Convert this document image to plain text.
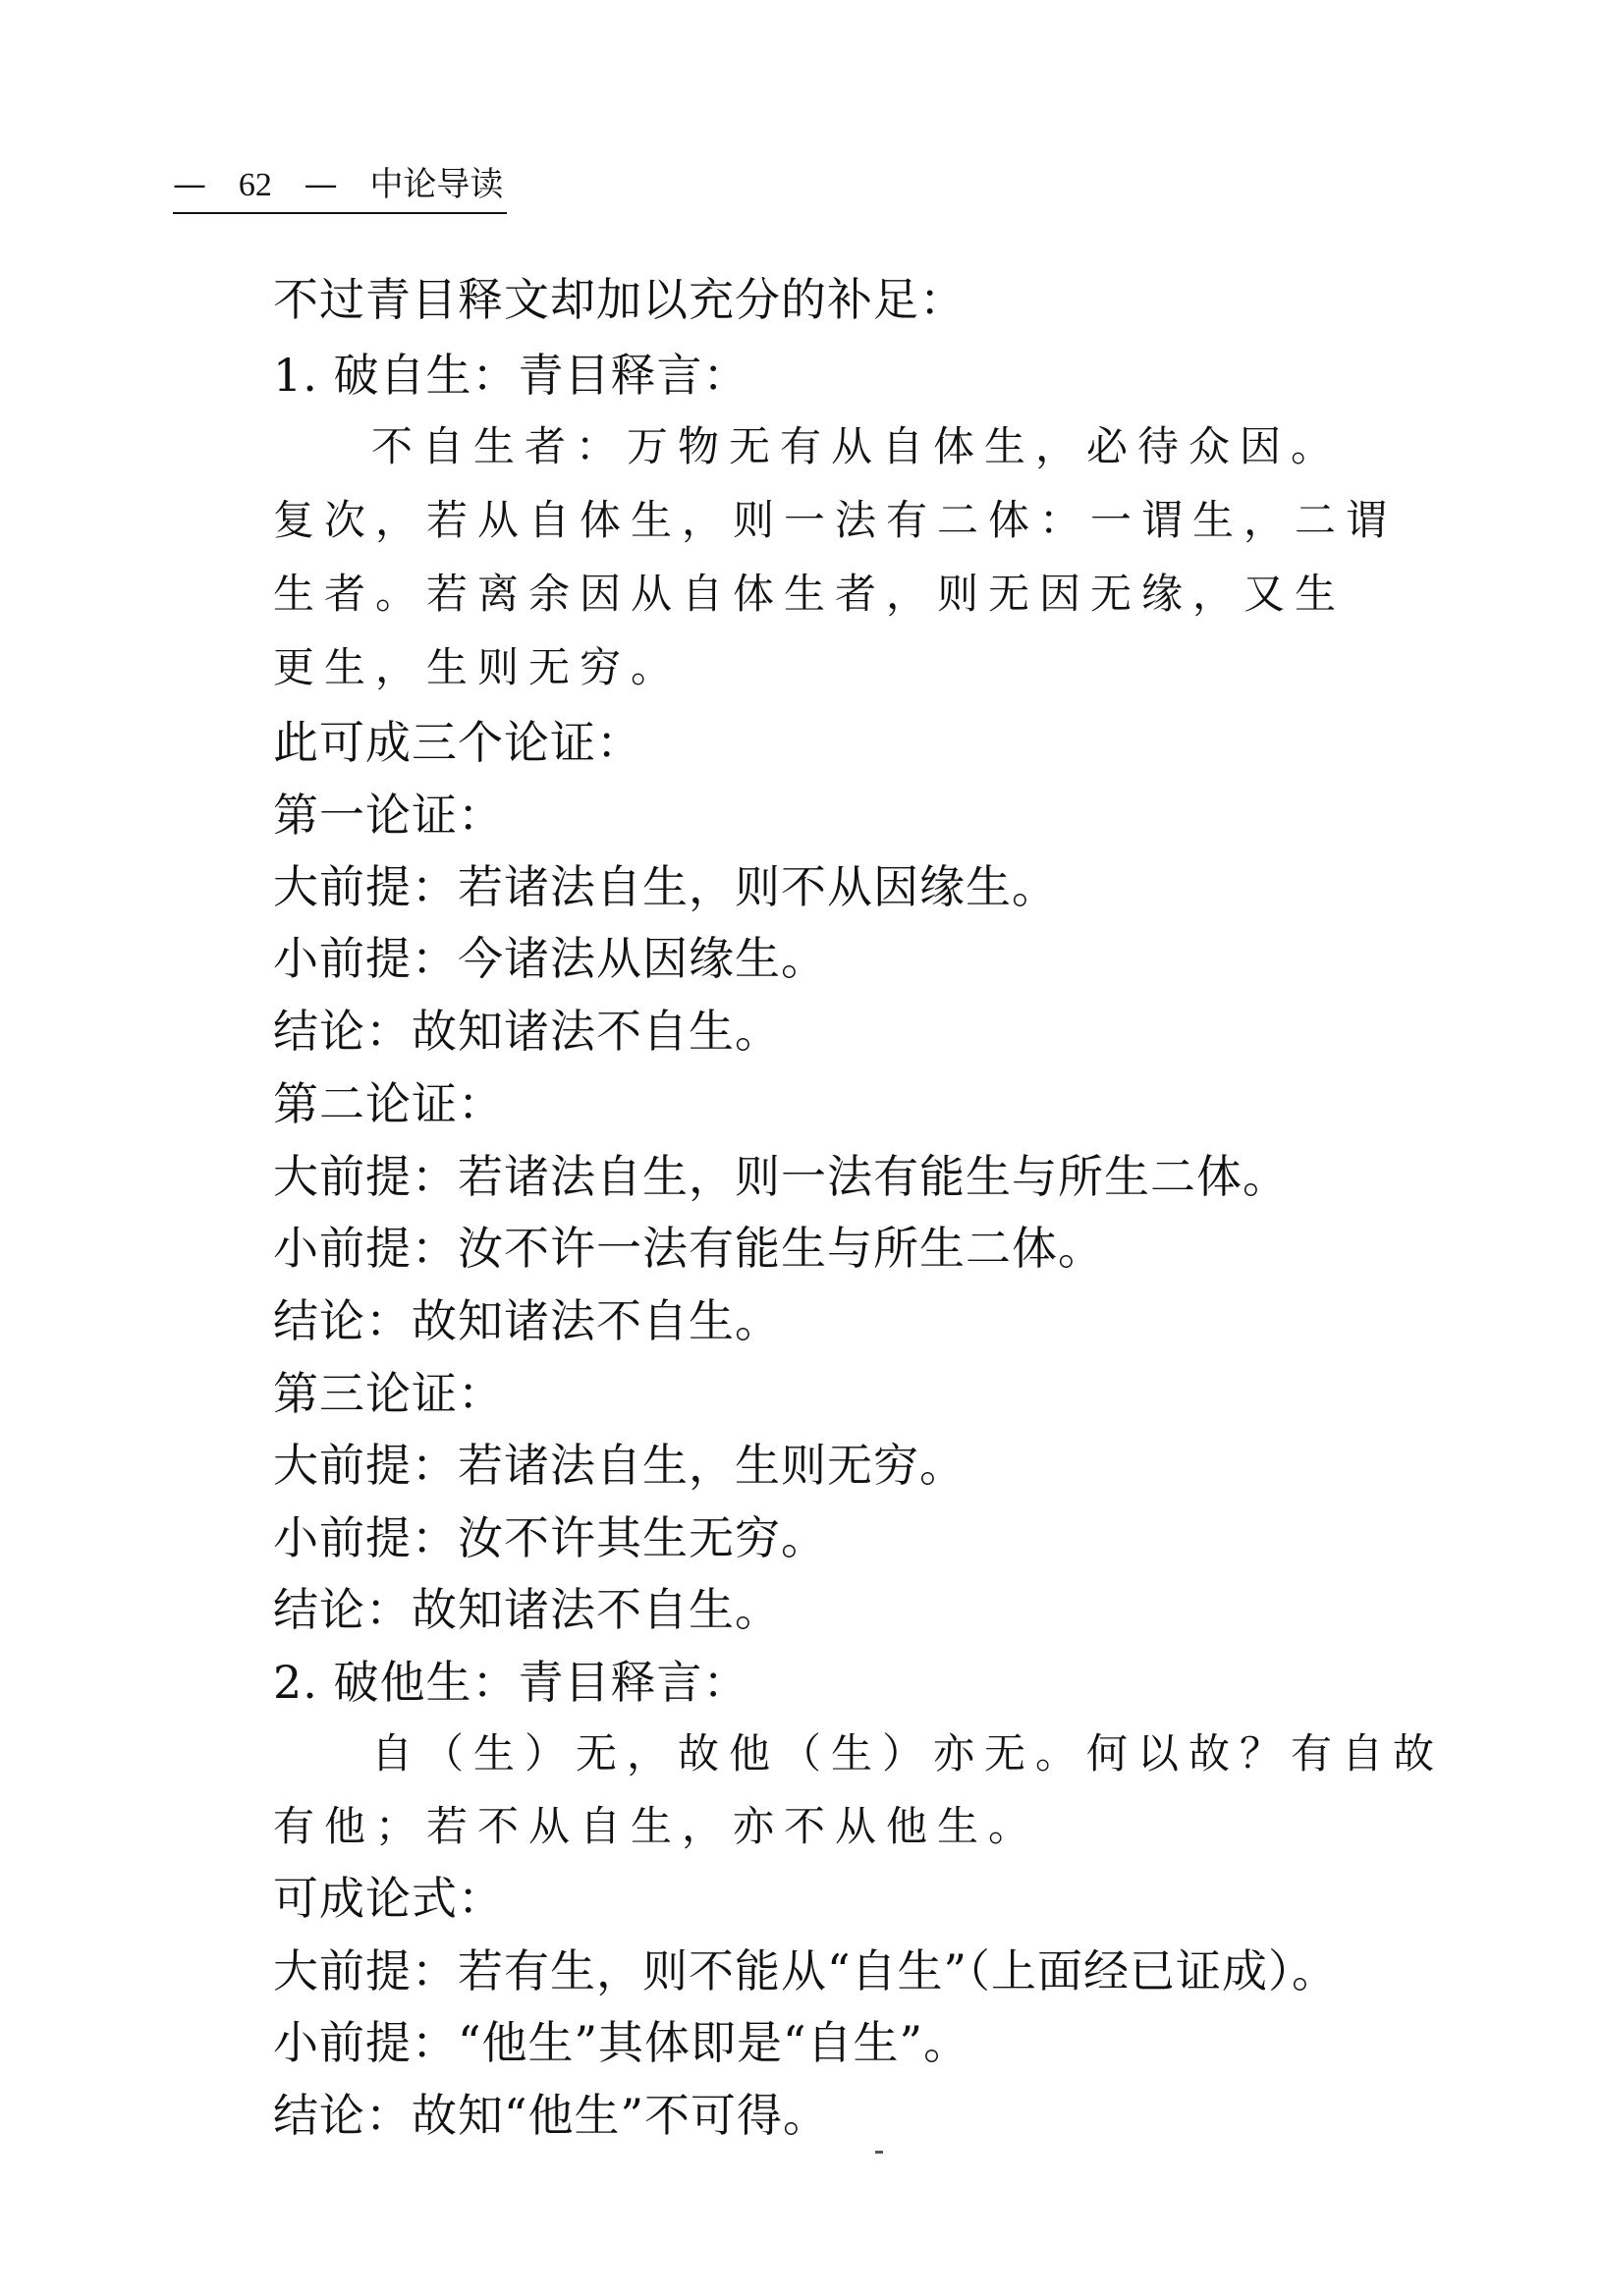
— 62 — 中论导读
不过青目释文却加以充分的补足：
1. 破自生：青目释言：
不自生者：万物无有从自体生，必待众因。
复次，若从自体生，则一法有二体：一谓生，二谓
生者。若离余因从自体生者，则无因无缘，又生
更生，生则无穷。
此可成三个论证：
第一论证：
大前提：若诸法自生，则不从因缘生。
小前提：今诸法从因缘生。
结论：故知诸法不自生。
第二论证：
大前提：若诸法自生，则一法有能生与所生二体。
小前提：汝不许一法有能生与所生二体。
结论：故知诸法不自生。
第三论证：
大前提：若诸法自生，生则无穷。
小前提：汝不许其生无穷。
结论：故知诸法不自生。
2. 破他生：青目释言：
自（生）无，故他（生）亦无。何以故？有自故
有他；若不从自生，亦不从他生。
可成论式：
大前提：若有生，则不能从“自生”（上面经已证成）。
小前提：“他生”其体即是“自生”。
结论：故知“他生”不可得。
